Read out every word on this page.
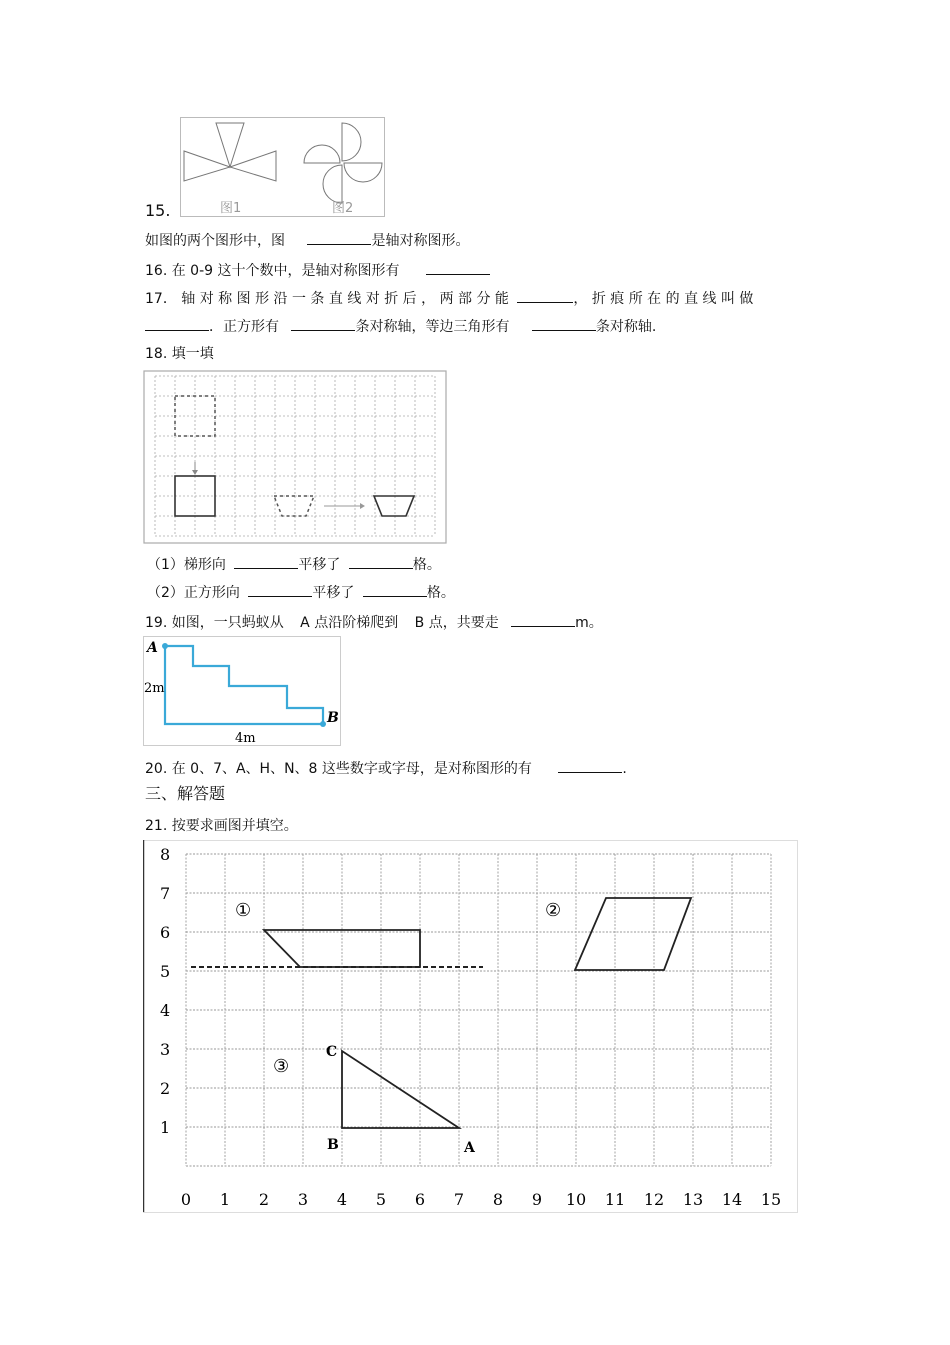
图1	图2
15.
如图的两个图形中，图	是轴对称图形。
16. 在 0-9 这十个数中，是轴对称图形有
17． 轴 对 称 图 形 沿 一 条 直 线 对 折 后 ， 两 部 分 能	， 折 痕 所 在 的 直 线 叫 做
．正方形有	条对称轴，等边三角形有	条对称轴.
18. 填一填
（1）梯形向	平移了	格。
（2）正方形向	平移了	格。
19. 如图，一只蚂蚁从 A 点沿阶梯爬到 B 点，共要走	m。
A
B
2m
4m
20. 在 0、7、A、H、N、8 这些数字或字母，是对称图形的有	.
三、解答题
21. 按要求画图并填空。
8
7
6
5
4
3
2
1
0 1 2 3 4 5 6 7 8 9 10 11 12 13 14 15
①	②
③
C
B	A
